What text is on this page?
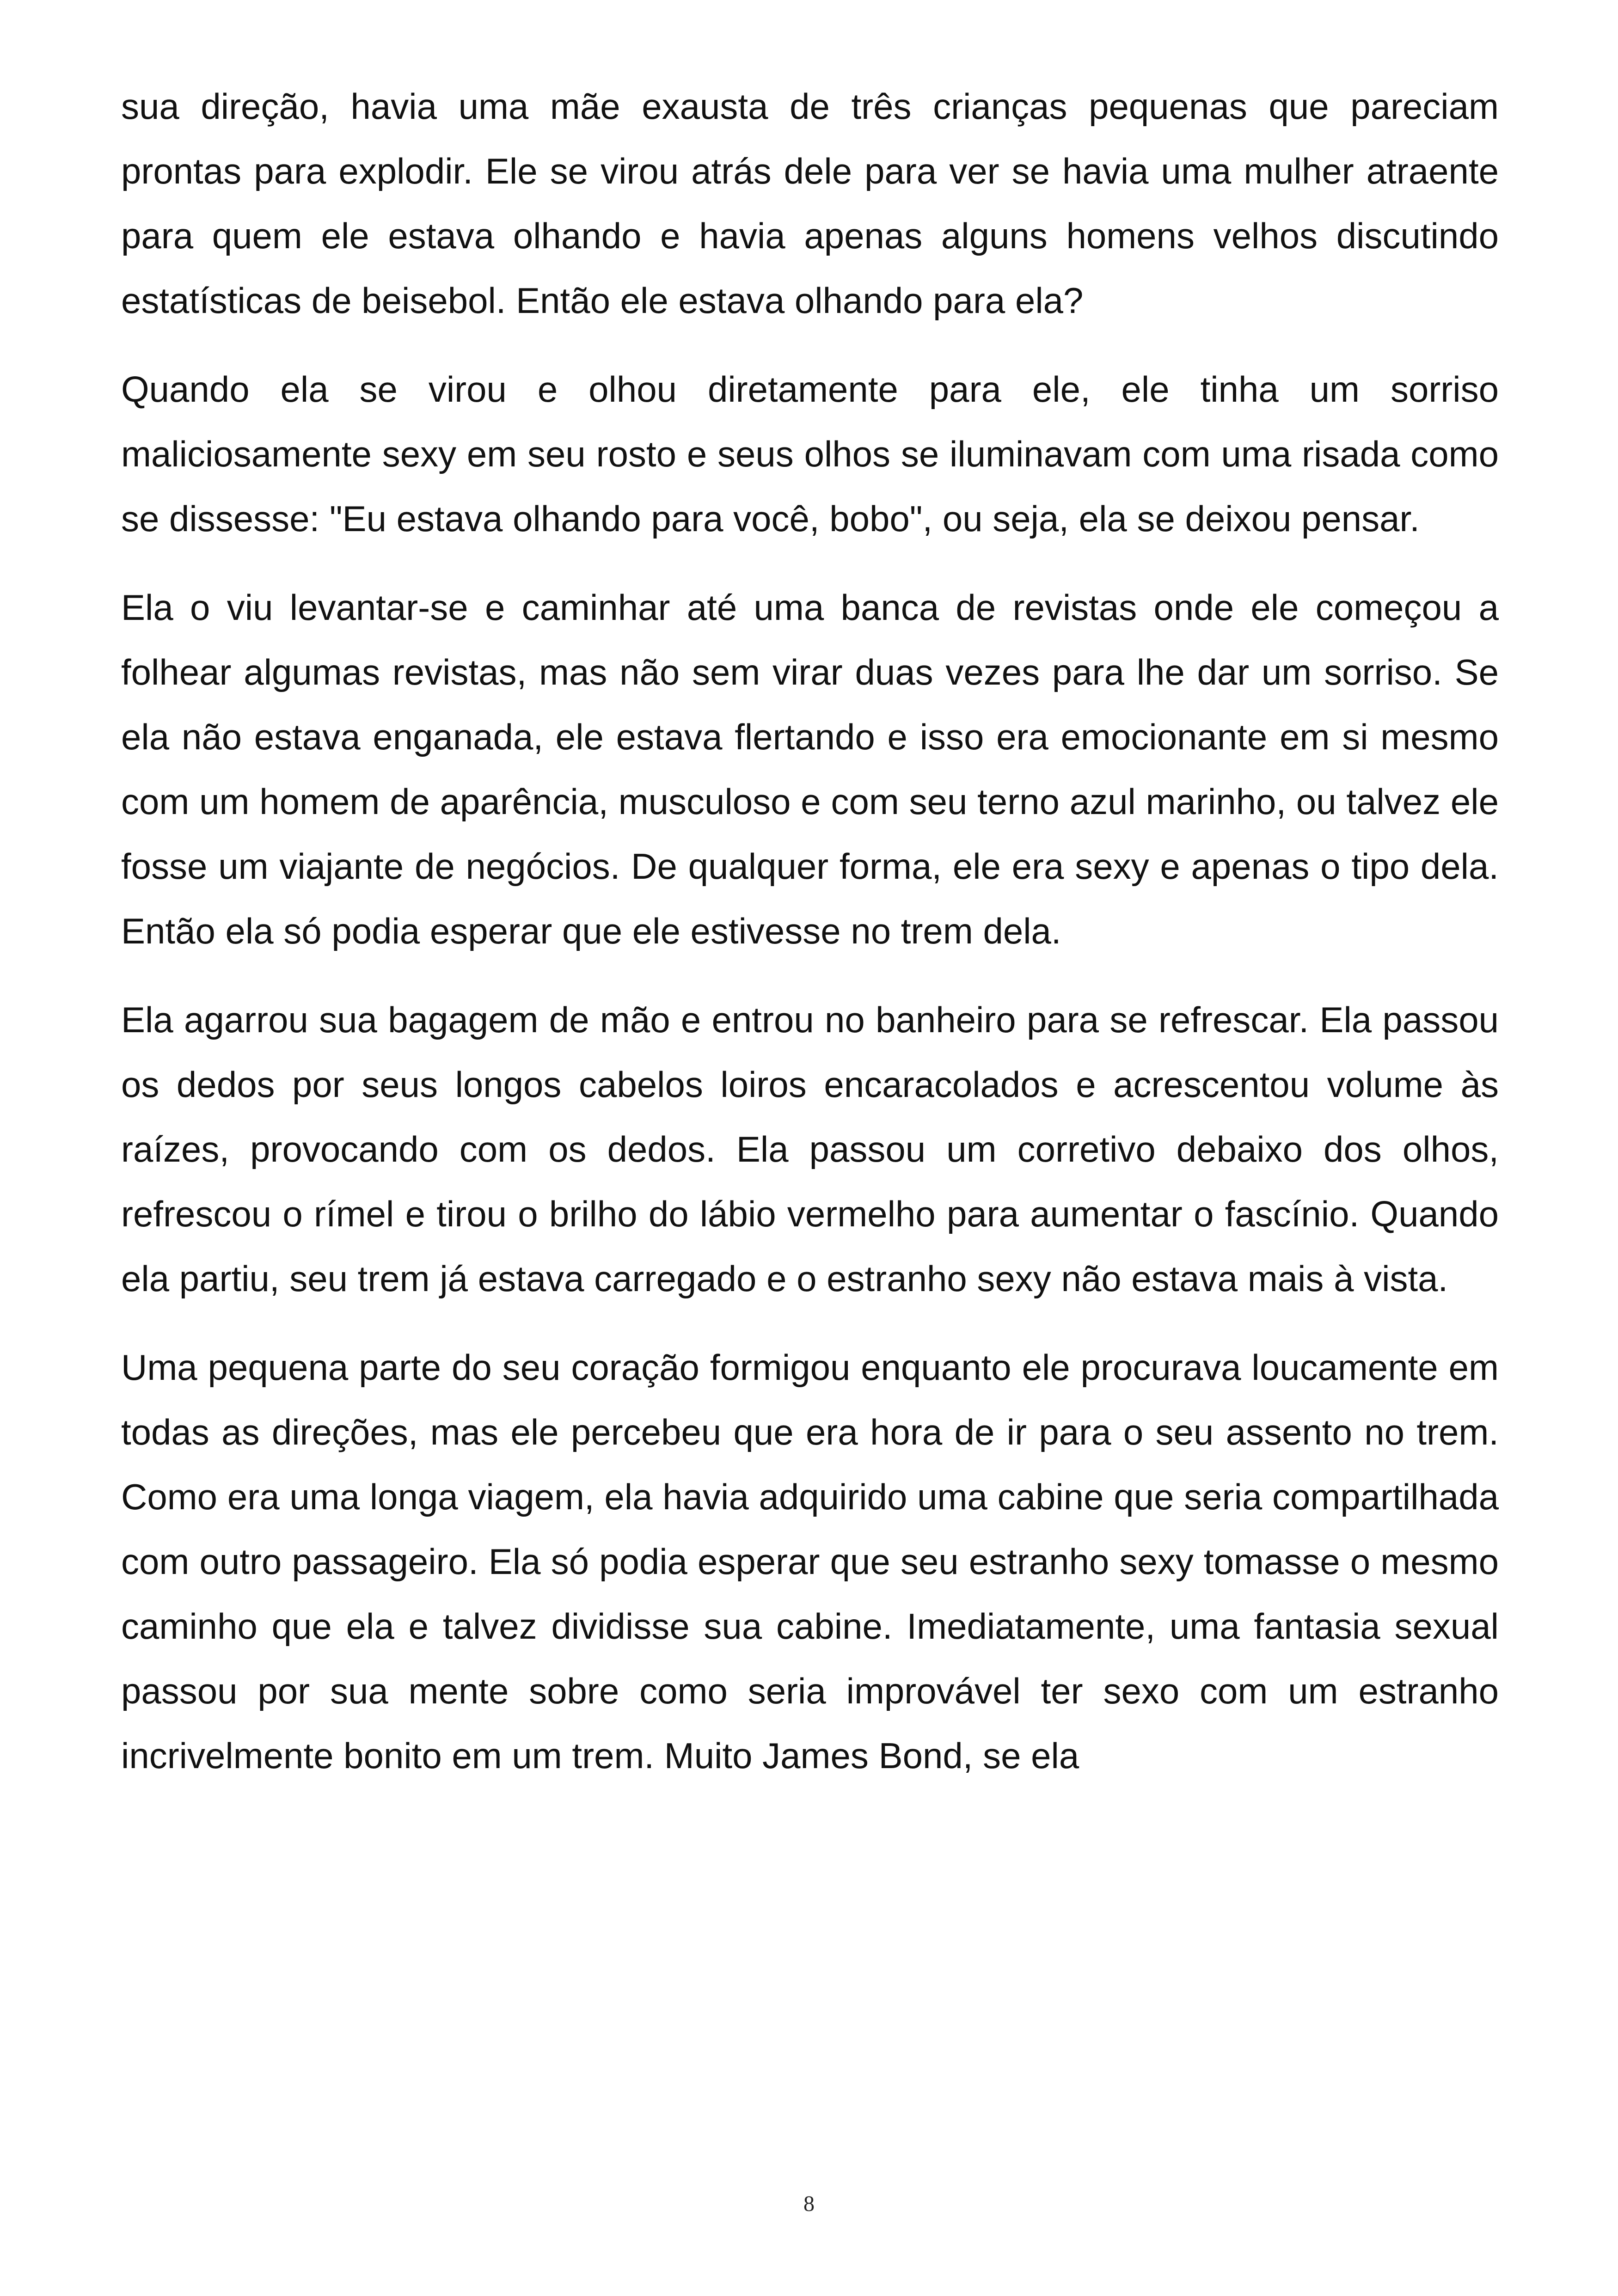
sua direção, havia uma mãe exausta de três crianças pequenas que pareciam prontas para explodir. Ele se virou atrás dele para ver se havia uma mulher atraente para quem ele estava olhando e havia apenas alguns homens velhos discutindo estatísticas de beisebol. Então ele estava olhando para ela?

Quando ela se virou e olhou diretamente para ele, ele tinha um sorriso maliciosamente sexy em seu rosto e seus olhos se iluminavam com uma risada como se dissesse: "Eu estava olhando para você, bobo", ou seja, ela se deixou pensar.

Ela o viu levantar-se e caminhar até uma banca de revistas onde ele começou a folhear algumas revistas, mas não sem virar duas vezes para lhe dar um sorriso. Se ela não estava enganada, ele estava flertando e isso era emocionante em si mesmo com um homem de aparência, musculoso e com seu terno azul marinho, ou talvez ele fosse um viajante de negócios. De qualquer forma, ele era sexy e apenas o tipo dela. Então ela só podia esperar que ele estivesse no trem dela.

Ela agarrou sua bagagem de mão e entrou no banheiro para se refrescar. Ela passou os dedos por seus longos cabelos loiros encaracolados e acrescentou volume às raízes, provocando com os dedos. Ela passou um corretivo debaixo dos olhos, refrescou o rímel e tirou o brilho do lábio vermelho para aumentar o fascínio. Quando ela partiu, seu trem já estava carregado e o estranho sexy não estava mais à vista.

Uma pequena parte do seu coração formigou enquanto ele procurava loucamente em todas as direções, mas ele percebeu que era hora de ir para o seu assento no trem. Como era uma longa viagem, ela havia adquirido uma cabine que seria compartilhada com outro passageiro. Ela só podia esperar que seu estranho sexy tomasse o mesmo caminho que ela e talvez dividisse sua cabine. Imediatamente, uma fantasia sexual passou por sua mente sobre como seria improvável ter sexo com um estranho incrivelmente bonito em um trem. Muito James Bond, se ela

8
